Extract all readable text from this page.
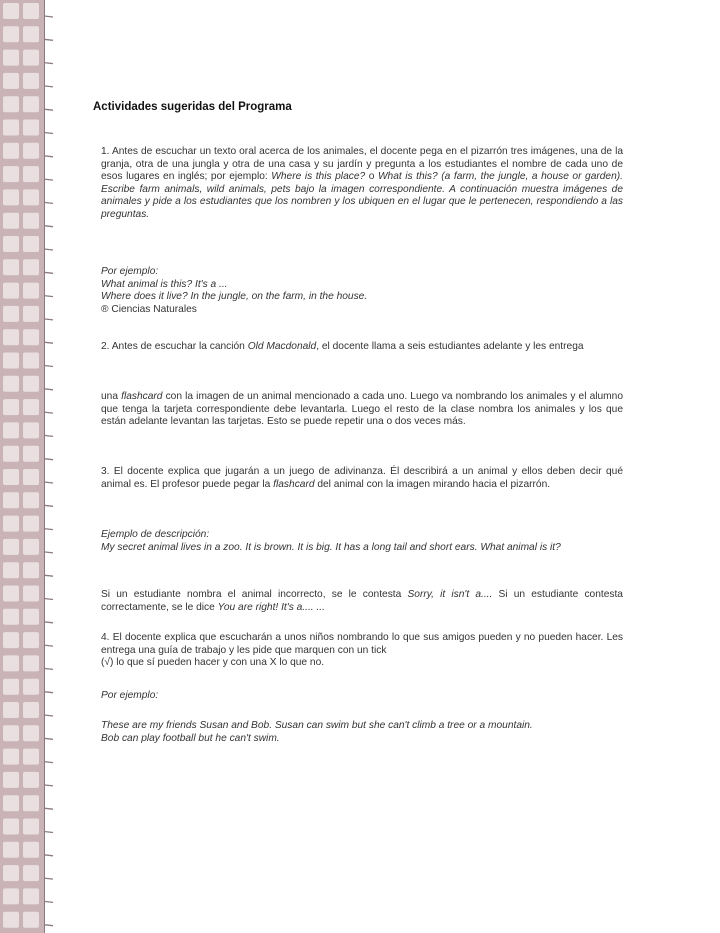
Actividades sugeridas del Programa

1. Antes de escuchar un texto oral acerca de los animales, el docente pega en el pizarrón tres imágenes, una de la granja, otra de una jungla y otra de una casa y su jardín y pregunta a los estudiantes el nombre de cada uno de esos lugares en inglés; por ejemplo: Where is this place? o What is this? (a farm, the jungle, a house or garden). Escribe farm animals, wild animals, pets bajo la imagen correspondiente. A continuación muestra imágenes de animales y pide a los estudiantes que los nombren y los ubiquen en el lugar que le pertenecen, respondiendo a las preguntas.

Por ejemplo:
What animal is this? It's a ...
Where does it live? In the jungle, on the farm, in the house.
® Ciencias Naturales

2. Antes de escuchar la canción Old Macdonald, el docente llama a seis estudiantes adelante y les entrega

una flashcard con la imagen de un animal mencionado a cada uno. Luego va nombrando los animales y el alumno que tenga la tarjeta correspondiente debe levantarla. Luego el resto de la clase nombra los animales y los que están adelante levantan las tarjetas. Esto se puede repetir una o dos veces más.

3. El docente explica que jugarán a un juego de adivinanza. Él describirá a un animal y ellos deben decir qué animal es. El profesor puede pegar la flashcard del animal con la imagen mirando hacia el pizarrón.

Ejemplo de descripción:
My secret animal lives in a zoo. It is brown. It is big. It has a long tail and short ears. What animal is it?

Si un estudiante nombra el animal incorrecto, se le contesta Sorry, it isn't a.... Si un estudiante contesta correctamente, se le dice You are right! It's a.... ...

4. El docente explica que escucharán a unos niños nombrando lo que sus amigos pueden y no pueden hacer. Les entrega una guía de trabajo y les pide que marquen con un tick
(√) lo que sí pueden hacer y con una X lo que no.

Por ejemplo:

These are my friends Susan and Bob. Susan can swim but she can't climb a tree or a mountain.
Bob can play football but he can't swim.
